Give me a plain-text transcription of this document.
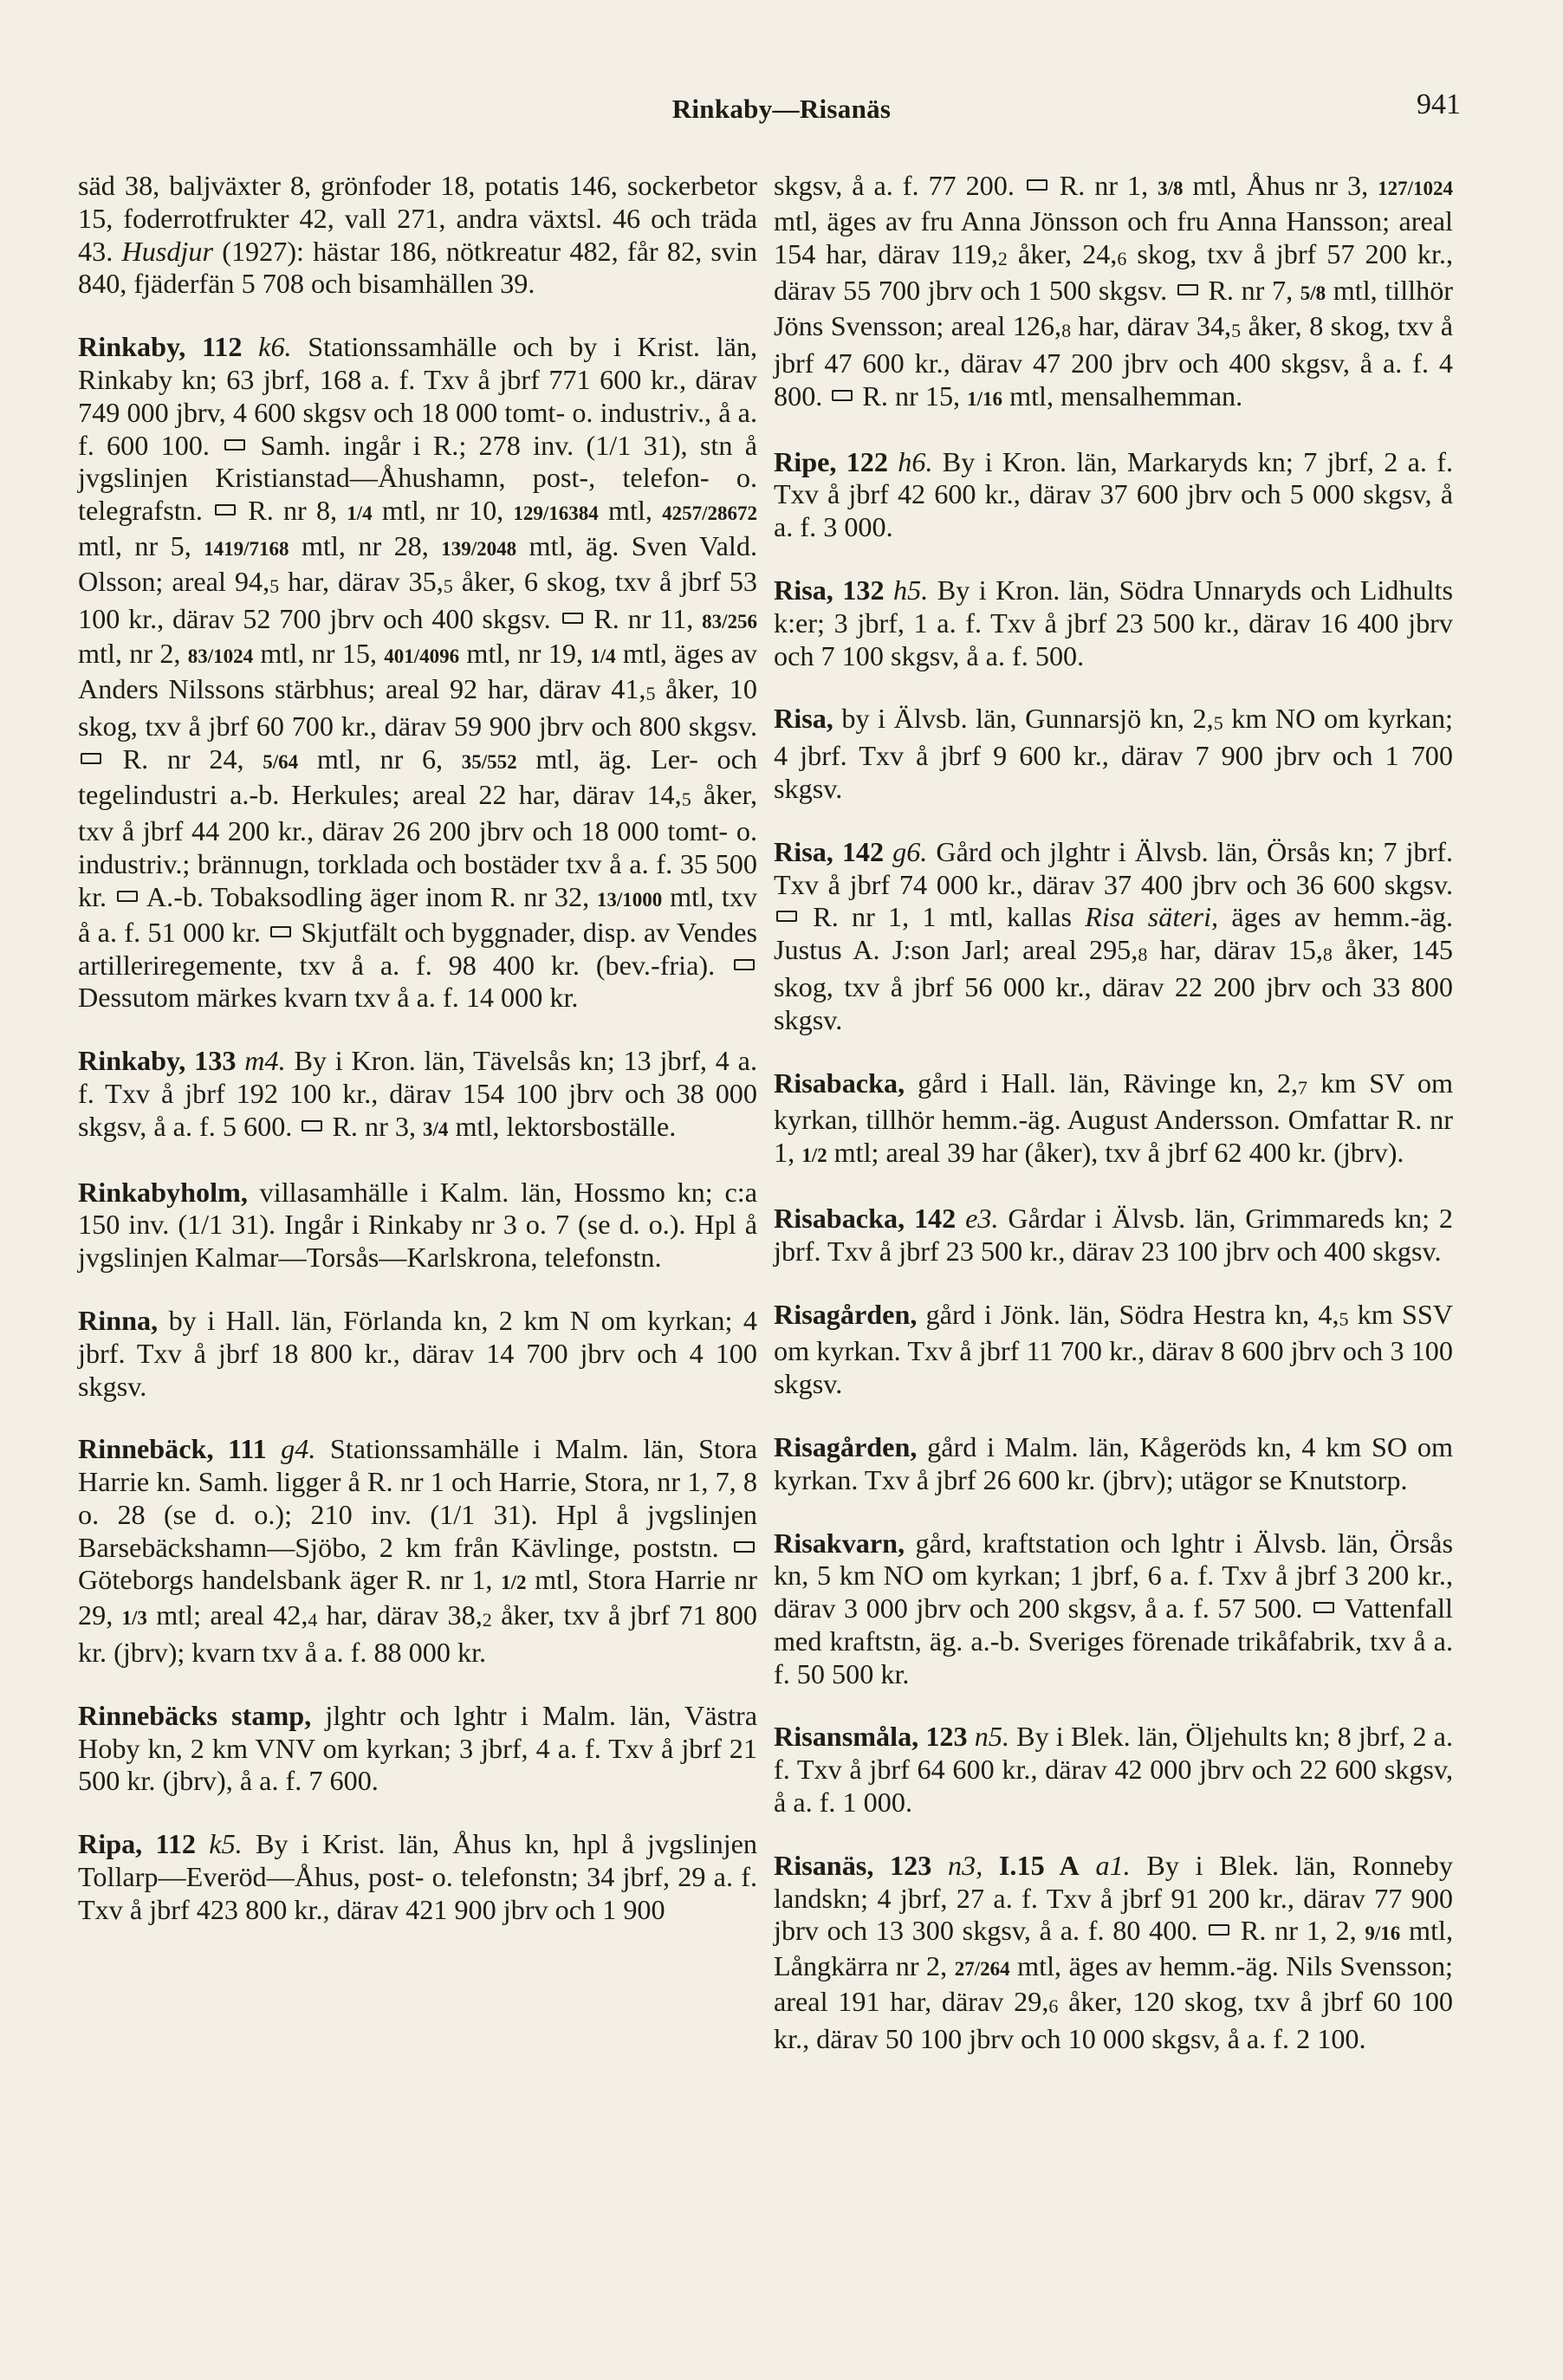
Rinkaby—Risanäs	941

säd 38, baljväxter 8, grönfoder 18, potatis 146, sockerbetor 15, foderrotfrukter 42, vall 271, andra växtsl. 46 och träda 43. Husdjur (1927): hästar 186, nötkreatur 482, får 82, svin 840, fjäderfän 5 708 och bisamhällen 39.

Rinkaby, 112 k6. Stationssamhälle och by i Krist. län, Rinkaby kn; 63 jbrf, 168 a. f. Txv å jbrf 771 600 kr., därav 749 000 jbrv, 4 600 skgsv och 18 000 tomt- o. industriv., å a. f. 600 100.  Samh. ingår i R.; 278 inv. (1/1 31), stn å jvgslinjen Kristianstad—Åhushamn, post-, telefon- o. telegrafstn.  R. nr 8, 1/4 mtl, nr 10, 129/16384 mtl, 4257/28672 mtl, nr 5, 1419/7168 mtl, nr 28, 139/2048 mtl, äg. Sven Vald. Olsson; areal $94,_5$ har, därav $35,_5$ åker, 6 skog, txv å jbrf 53 100 kr., därav 52 700 jbrv och 400 skgsv.  R. nr 11, 83/256 mtl, nr 2, 83/1024 mtl, nr 15, 401/4096 mtl, nr 19, 1/4 mtl, äges av Anders Nilssons stärbhus; areal 92 har, därav $41,_5$ åker, 10 skog, txv å jbrf 60 700 kr., därav 59 900 jbrv och 800 skgsv.  R. nr 24, 5/64 mtl, nr 6, 35/552 mtl, äg. Ler- och tegelindustri a.-b. Herkules; areal 22 har, därav $14,_5$ åker, txv å jbrf 44 200 kr., därav 26 200 jbrv och 18 000 tomt- o. industriv.; brännugn, torklada och bostäder txv å a. f. 35 500 kr.  A.-b. Tobaksodling äger inom R. nr 32, 13/1000 mtl, txv å a. f. 51 000 kr.  Skjutfält och byggnader, disp. av Vendes artilleriregemente, txv å a. f. 98 400 kr. (bev.-fria).  Dessutom märkes kvarn txv å a. f. 14 000 kr.

Rinkaby, 133 m4. By i Kron. län, Tävelsås kn; 13 jbrf, 4 a. f. Txv å jbrf 192 100 kr., därav 154 100 jbrv och 38 000 skgsv, å a. f. 5 600.  R. nr 3, 3/4 mtl, lektorsboställe.

Rinkabyholm, villasamhälle i Kalm. län, Hossmo kn; c:a 150 inv. (1/1 31). Ingår i Rinkaby nr 3 o. 7 (se d. o.). Hpl å jvgslinjen Kalmar—Torsås—Karlskrona, telefonstn.

Rinna, by i Hall. län, Förlanda kn, 2 km N om kyrkan; 4 jbrf. Txv å jbrf 18 800 kr., därav 14 700 jbrv och 4 100 skgsv.

Rinnebäck, 111 g4. Stationssamhälle i Malm. län, Stora Harrie kn. Samh. ligger å R. nr 1 och Harrie, Stora, nr 1, 7, 8 o. 28 (se d. o.); 210 inv. (1/1 31). Hpl å jvgslinjen Barsebäckshamn—Sjöbo, 2 km från Kävlinge, poststn.  Göteborgs handelsbank äger R. nr 1, 1/2 mtl, Stora Harrie nr 29, 1/3 mtl; areal $42,_4$ har, därav $38,_2$ åker, txv å jbrf 71 800 kr. (jbrv); kvarn txv å a. f. 88 000 kr.

Rinnebäcks stamp, jlghtr och lghtr i Malm. län, Västra Hoby kn, 2 km VNV om kyrkan; 3 jbrf, 4 a. f. Txv å jbrf 21 500 kr. (jbrv), å a. f. 7 600.

Ripa, 112 k5. By i Krist. län, Åhus kn, hpl å jvgslinjen Tollarp—Everöd—Åhus, post- o. telefonstn; 34 jbrf, 29 a. f. Txv å jbrf 423 800 kr., därav 421 900 jbrv och 1 900

skgsv, å a. f. 77 200.  R. nr 1, 3/8 mtl, Åhus nr 3, 127/1024 mtl, äges av fru Anna Jönsson och fru Anna Hansson; areal 154 har, därav $119,_2$ åker, $24,_6$ skog, txv å jbrf 57 200 kr., därav 55 700 jbrv och 1 500 skgsv.  R. nr 7, 5/8 mtl, tillhör Jöns Svensson; areal $126,_8$ har, därav $34,_5$ åker, 8 skog, txv å jbrf 47 600 kr., därav 47 200 jbrv och 400 skgsv, å a. f. 4 800.  R. nr 15, 1/16 mtl, mensalhemman.

Ripe, 122 h6. By i Kron. län, Markaryds kn; 7 jbrf, 2 a. f. Txv å jbrf 42 600 kr., därav 37 600 jbrv och 5 000 skgsv, å a. f. 3 000.

Risa, 132 h5. By i Kron. län, Södra Unnaryds och Lidhults k:er; 3 jbrf, 1 a. f. Txv å jbrf 23 500 kr., därav 16 400 jbrv och 7 100 skgsv, å a. f. 500.

Risa, by i Älvsb. län, Gunnarsjö kn, $2,_5$ km NO om kyrkan; 4 jbrf. Txv å jbrf 9 600 kr., därav 7 900 jbrv och 1 700 skgsv.

Risa, 142 g6. Gård och jlghtr i Älvsb. län, Örsås kn; 7 jbrf. Txv å jbrf 74 000 kr., därav 37 400 jbrv och 36 600 skgsv.  R. nr 1, 1 mtl, kallas Risa säteri, äges av hemm.-äg. Justus A. J:son Jarl; areal $295,_8$ har, därav $15,_8$ åker, 145 skog, txv å jbrf 56 000 kr., därav 22 200 jbrv och 33 800 skgsv.

Risabacka, gård i Hall. län, Rävinge kn, $2,_7$ km SV om kyrkan, tillhör hemm.-äg. August Andersson. Omfattar R. nr 1, 1/2 mtl; areal 39 har (åker), txv å jbrf 62 400 kr. (jbrv).

Risabacka, 142 e3. Gårdar i Älvsb. län, Grimmareds kn; 2 jbrf. Txv å jbrf 23 500 kr., därav 23 100 jbrv och 400 skgsv.

Risagården, gård i Jönk. län, Södra Hestra kn, $4,_5$ km SSV om kyrkan. Txv å jbrf 11 700 kr., därav 8 600 jbrv och 3 100 skgsv.

Risagården, gård i Malm. län, Kågeröds kn, 4 km SO om kyrkan. Txv å jbrf 26 600 kr. (jbrv); utägor se Knutstorp.

Risakvarn, gård, kraftstation och lghtr i Älvsb. län, Örsås kn, 5 km NO om kyrkan; 1 jbrf, 6 a. f. Txv å jbrf 3 200 kr., därav 3 000 jbrv och 200 skgsv, å a. f. 57 500.  Vattenfall med kraftstn, äg. a.-b. Sveriges förenade trikåfabrik, txv å a. f. 50 500 kr.

Risansmåla, 123 n5. By i Blek. län, Öljehults kn; 8 jbrf, 2 a. f. Txv å jbrf 64 600 kr., därav 42 000 jbrv och 22 600 skgsv, å a. f. 1 000.

Risanäs, 123 n3, I.15 A a1. By i Blek. län, Ronneby landskn; 4 jbrf, 27 a. f. Txv å jbrf 91 200 kr., därav 77 900 jbrv och 13 300 skgsv, å a. f. 80 400.  R. nr 1, 2, 9/16 mtl, Långkärra nr 2, 27/264 mtl, äges av hemm.-äg. Nils Svensson; areal 191 har, därav $29,_6$ åker, 120 skog, txv å jbrf 60 100 kr., därav 50 100 jbrv och 10 000 skgsv, å a. f. 2 100.
